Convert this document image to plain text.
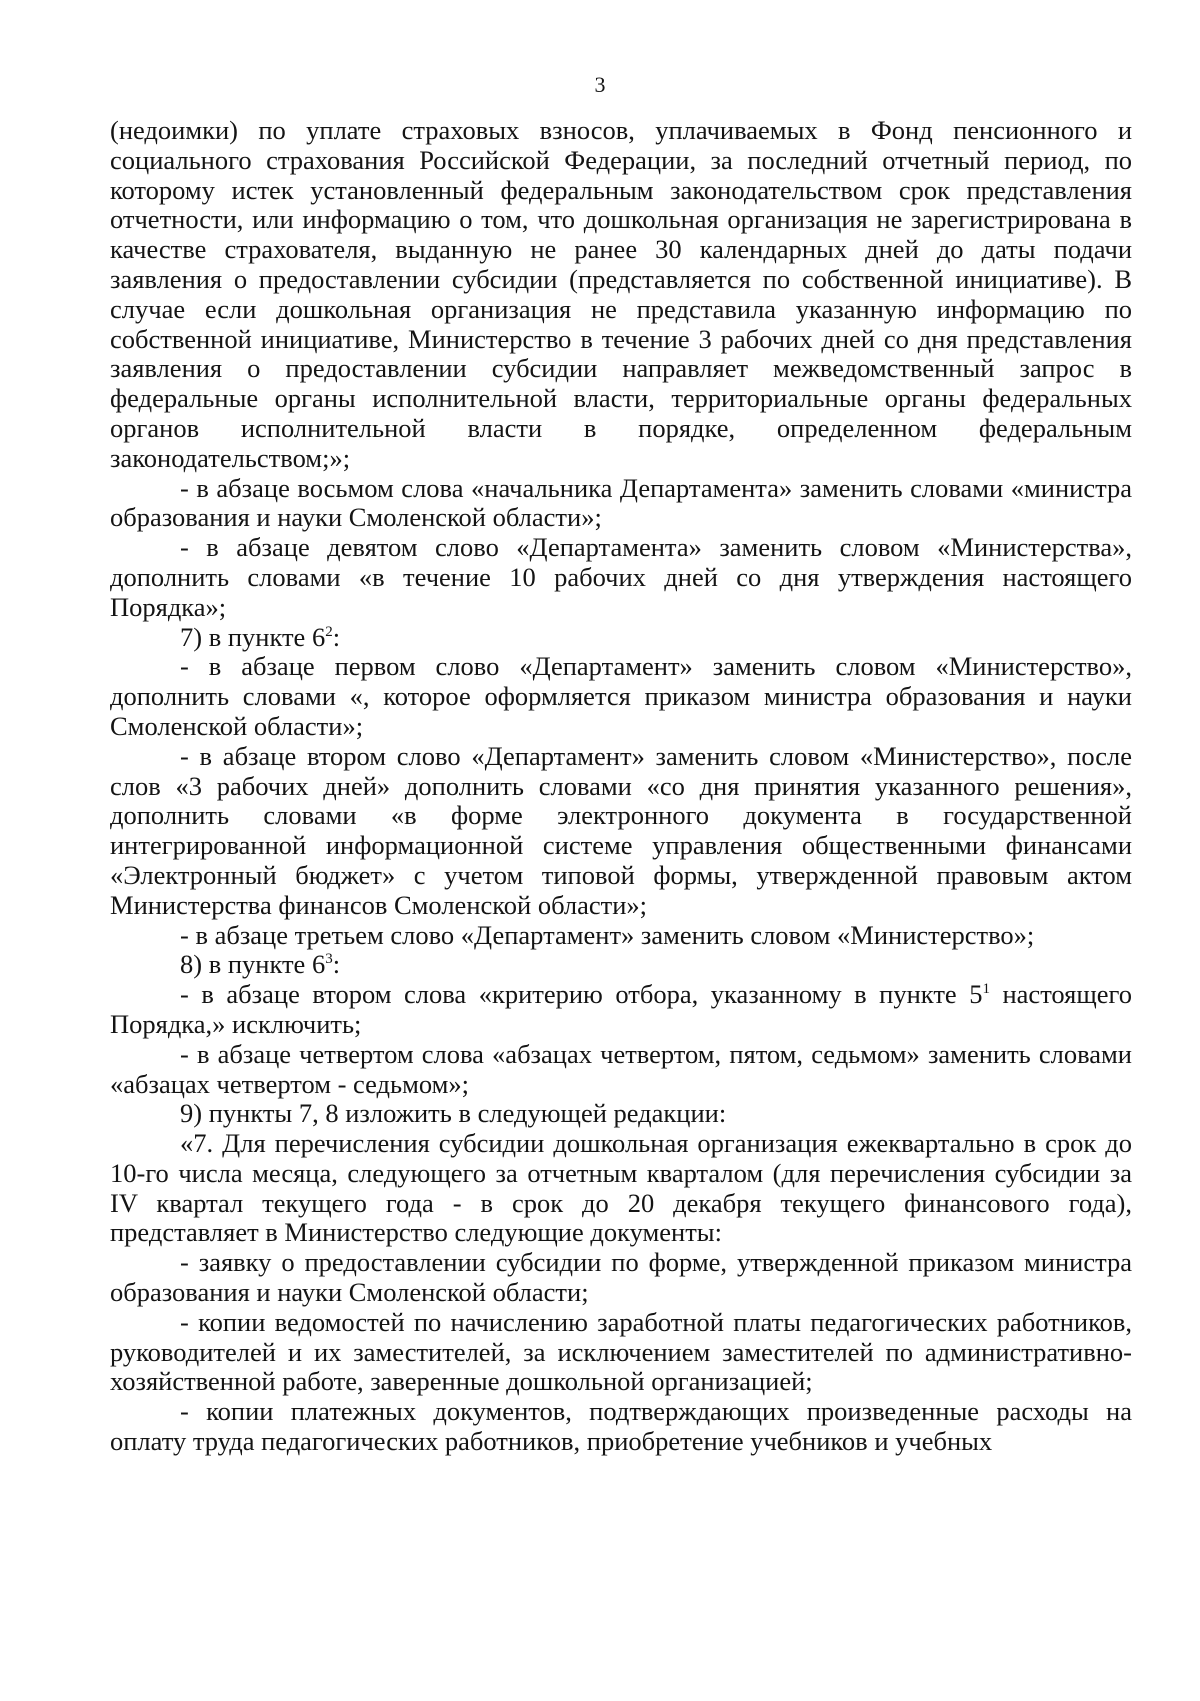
3

(недоимки) по уплате страховых взносов, уплачиваемых в Фонд пенсионного и социального страхования Российской Федерации, за последний отчетный период, по которому истек установленный федеральным законодательством срок представления отчетности, или информацию о том, что дошкольная организация не зарегистрирована в качестве страхователя, выданную не ранее 30 календарных дней до даты подачи заявления о предоставлении субсидии (представляется по собственной инициативе). В случае если дошкольная организация не представила указанную информацию по собственной инициативе, Министерство в течение 3 рабочих дней со дня представления заявления о предоставлении субсидии направляет межведомственный запрос в федеральные органы исполнительной власти, территориальные органы федеральных органов исполнительной власти в порядке, определенном федеральным законодательством;»;

- в абзаце восьмом слова «начальника Департамента» заменить словами «министра образования и науки Смоленской области»;

- в абзаце девятом слово «Департамента» заменить словом «Министерства», дополнить словами «в течение 10 рабочих дней со дня утверждения настоящего Порядка»;

7) в пункте $6^2$:

- в абзаце первом слово «Департамент» заменить словом «Министерство», дополнить словами «, которое оформляется приказом министра образования и науки Смоленской области»;

- в абзаце втором слово «Департамент» заменить словом «Министерство», после слов «3 рабочих дней» дополнить словами «со дня принятия указанного решения», дополнить словами «в форме электронного документа в государственной интегрированной информационной системе управления общественными финансами «Электронный бюджет» с учетом типовой формы, утвержденной правовым актом Министерства финансов Смоленской области»;

- в абзаце третьем слово «Департамент» заменить словом «Министерство»;

8) в пункте $6^3$:

- в абзаце втором слова «критерию отбора, указанному в пункте $5^1$ настоящего Порядка,» исключить;

- в абзаце четвертом слова «абзацах четвертом, пятом, седьмом» заменить словами «абзацах четвертом - седьмом»;

9) пункты 7, 8 изложить в следующей редакции:

«7. Для перечисления субсидии дошкольная организация ежеквартально в срок до 10-го числа месяца, следующего за отчетным кварталом (для перечисления субсидии за IV квартал текущего года - в срок до 20 декабря текущего финансового года), представляет в Министерство следующие документы:

- заявку о предоставлении субсидии по форме, утвержденной приказом министра образования и науки Смоленской области;

- копии ведомостей по начислению заработной платы педагогических работников, руководителей и их заместителей, за исключением заместителей по административно-хозяйственной работе, заверенные дошкольной организацией;

- копии платежных документов, подтверждающих произведенные расходы на оплату труда педагогических работников, приобретение учебников и учебных
